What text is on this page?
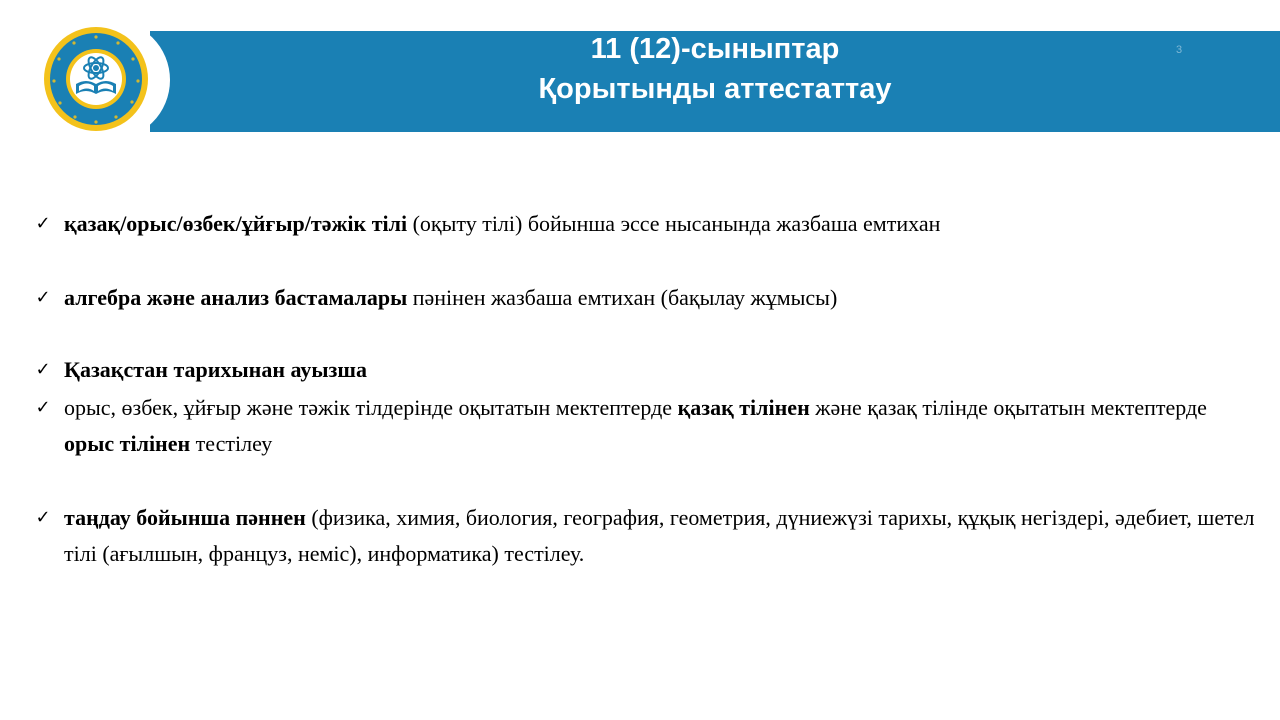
11 (12)-сыныптар
Қорытынды аттестаттау
3
✓ қазақ/орыс/өзбек/ұйғыр/тәжік тілі (оқыту тілі) бойынша эссе нысанында жазбаша емтихан
✓ алгебра және анализ бастамалары пәнінен жазбаша емтихан (бақылау жұмысы)
✓ Қазақстан тарихынан ауызша
✓ орыс, өзбек, ұйғыр және тәжік тілдерінде оқытатын мектептерде қазақ тілінен және қазақ тілінде оқытатын мектептерде орыс тілінен тестілеу
✓ таңдау бойынша пәннен (физика, химия, биология, география, геометрия, дүниежүзі тарихы, құқық негіздері, әдебиет, шетел тілі (ағылшын, француз, неміс), информатика) тестілеу.
